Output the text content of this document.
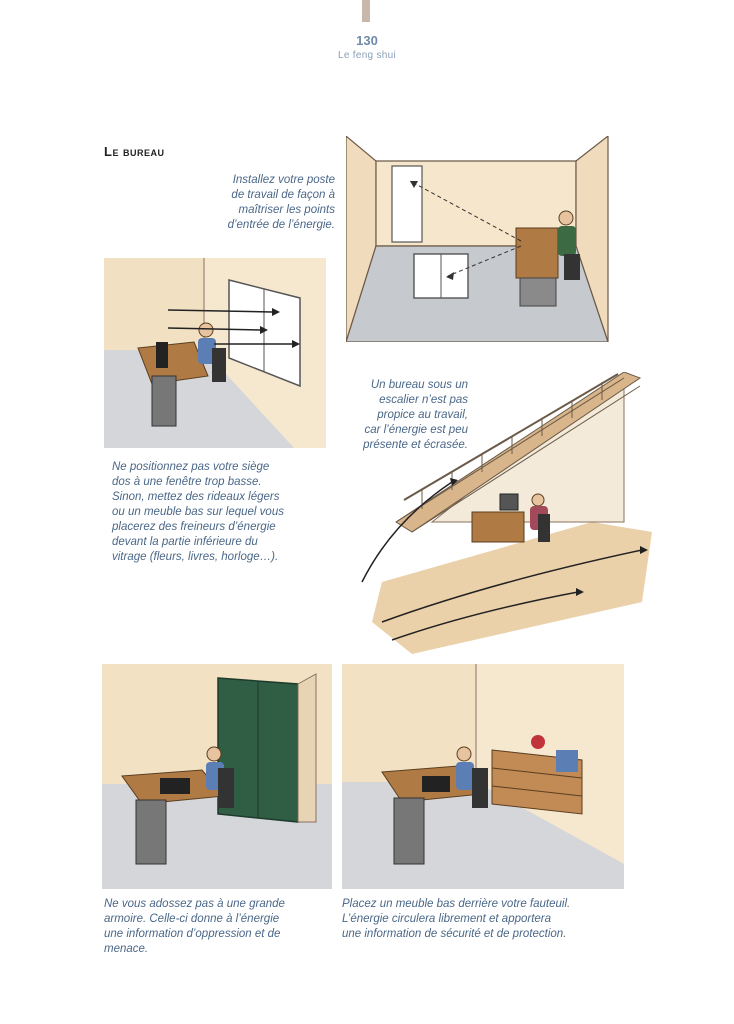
130
Le feng shui
Le bureau
Installez votre poste
de travail de façon à
maîtriser les points
d’entrée de l’énergie.
Ne positionnez pas votre siège
dos à une fenêtre trop basse.
Sinon, mettez des rideaux légers
ou un meuble bas sur lequel vous
placerez des freineurs d’énergie
devant la partie inférieure du
vitrage (fleurs, livres, horloge…).
Un bureau sous un
escalier n’est pas
propice au travail,
car l’énergie est peu
présente et écrasée.
Ne vous adossez pas à une grande
armoire. Celle-ci donne à l’énergie
une information d’oppression et de
menace.
Placez un meuble bas derrière votre fauteuil.
L’énergie circulera librement et apportera
une information de sécurité et de protection.
